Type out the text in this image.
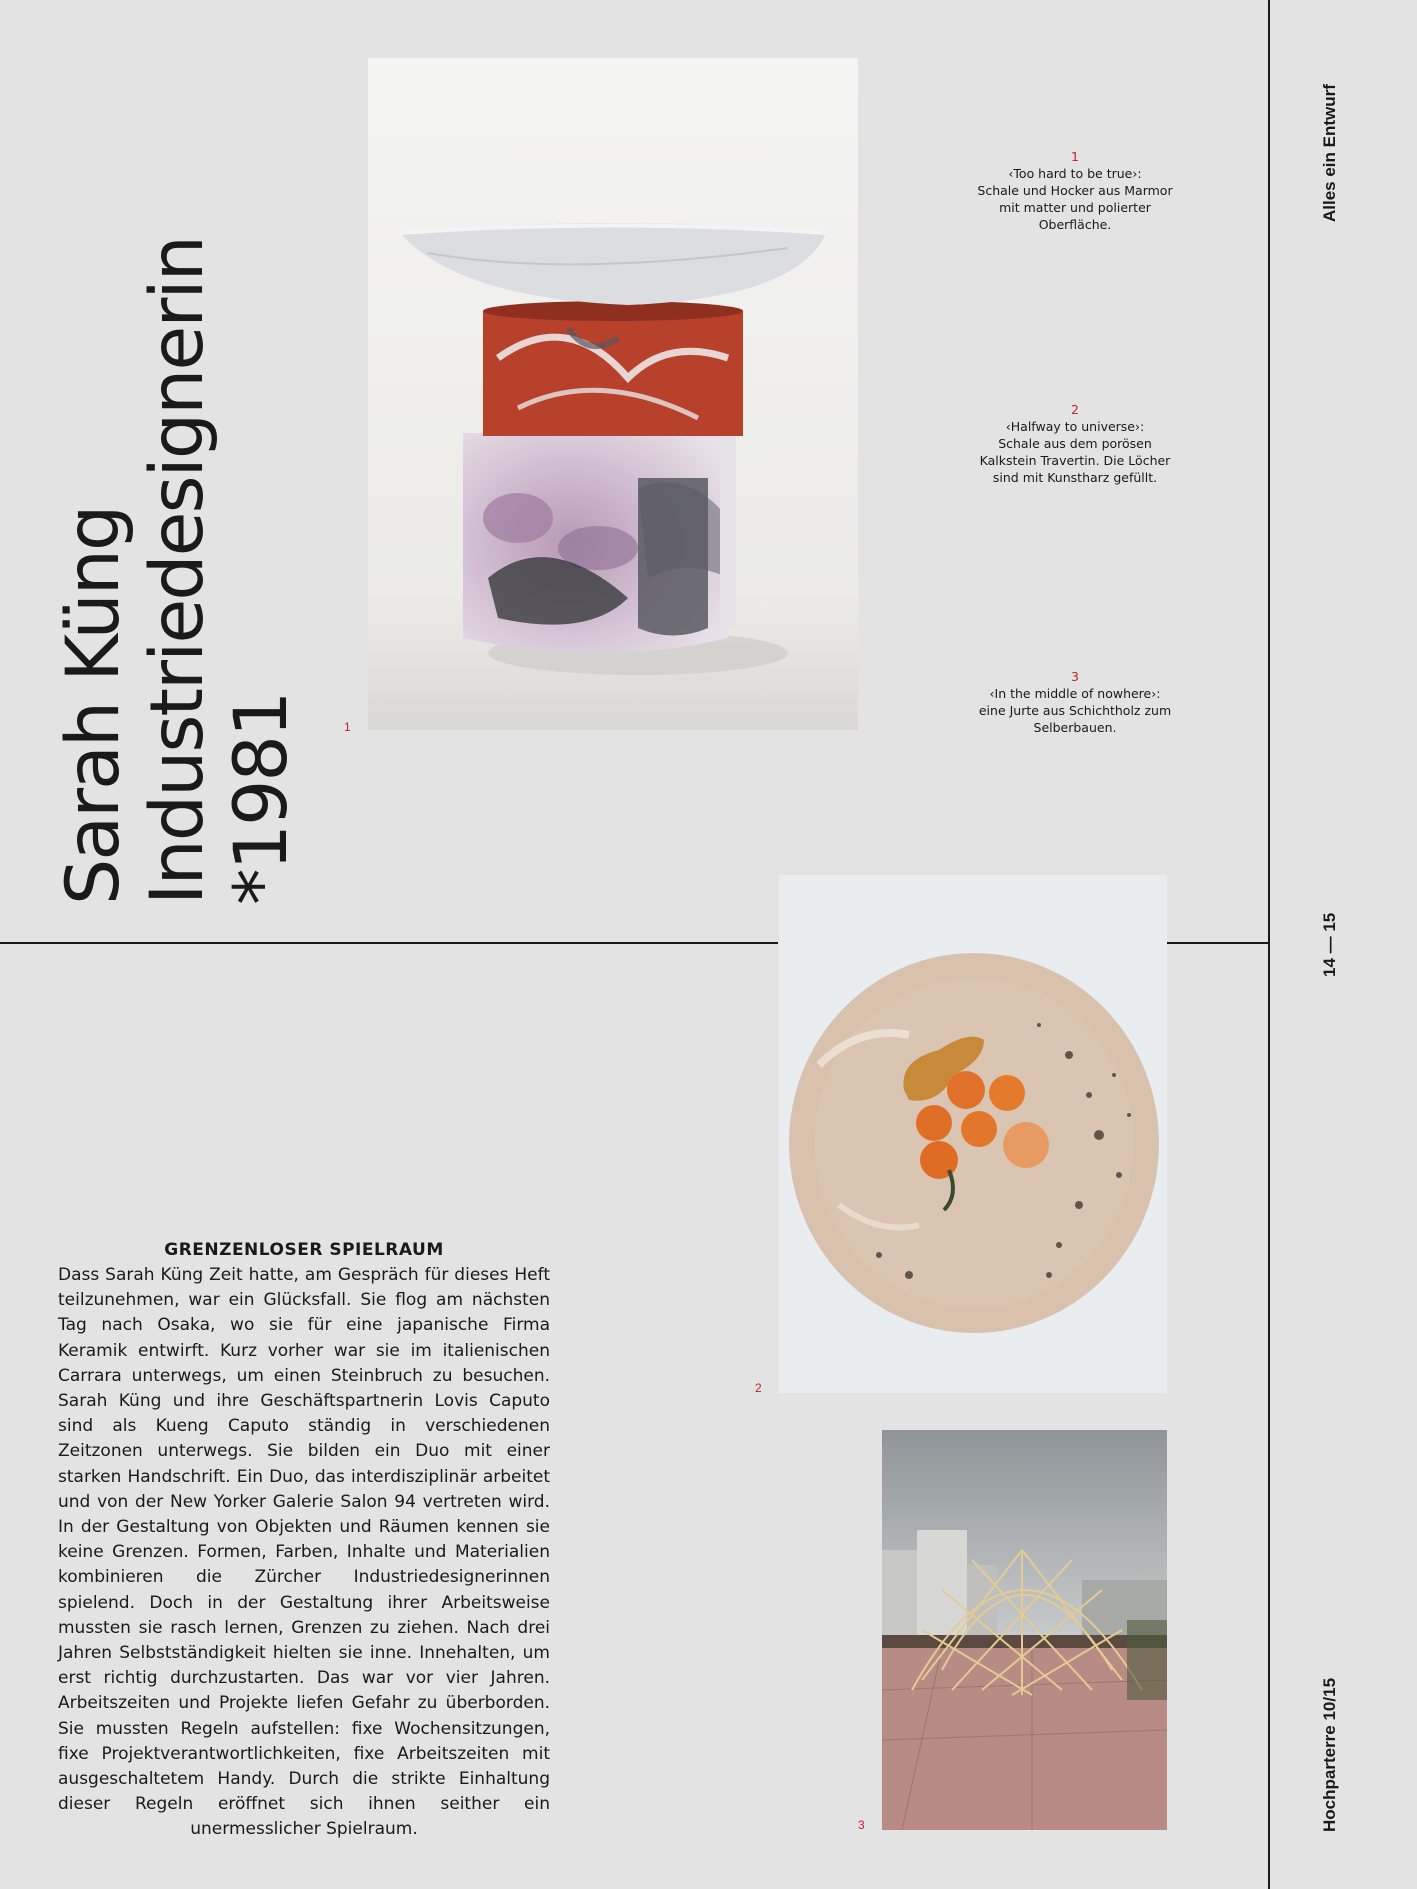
Sarah Küng Industriedesignerin *1981
Alles ein Entwurf
14 — 15
Hochparterre 10/15
1
2
3
1
‹Too hard to be true›:
Schale und Hocker aus Marmor mit matter und polierter Oberfläche.
2
‹Halfway to universe›:
Schale aus dem porösen Kalkstein Travertin. Die Löcher sind mit Kunstharz gefüllt.
3
‹In the middle of nowhere›:
eine Jurte aus Schichtholz zum Selberbauen.
GRENZENLOSER SPIELRAUM

Dass Sarah Küng Zeit hatte, am Gespräch für dieses Heft teilzunehmen, war ein Glücksfall. Sie flog am nächsten Tag nach Osaka, wo sie für eine japanische Firma Keramik entwirft. Kurz vorher war sie im italienischen Carrara unterwegs, um einen Steinbruch zu besuchen. Sarah Küng und ihre Geschäftspartnerin Lovis Caputo sind als Kueng Caputo ständig in verschiedenen Zeitzonen unterwegs. Sie bilden ein Duo mit einer starken Handschrift. Ein Duo, das interdisziplinär arbeitet und von der New Yorker Galerie Salon 94 vertreten wird. In der Gestaltung von Objekten und Räumen kennen sie keine Grenzen. Formen, Farben, Inhalte und Materialien kombinieren die Zürcher Industriedesignerinnen spielend. Doch in der Gestaltung ihrer Arbeitsweise mussten sie rasch lernen, Grenzen zu ziehen. Nach drei Jahren Selbstständigkeit hielten sie inne. Innehalten, um erst richtig durchzustarten. Das war vor vier Jahren. Arbeitszeiten und Projekte liefen Gefahr zu überborden. Sie mussten Regeln aufstellen: fixe Wochensitzungen, fixe Projektverantwortlichkeiten, fixe Arbeitszeiten mit ausgeschaltetem Handy. Durch die strikte Einhaltung dieser Regeln eröffnet sich ihnen seither ein unermesslicher Spielraum.
